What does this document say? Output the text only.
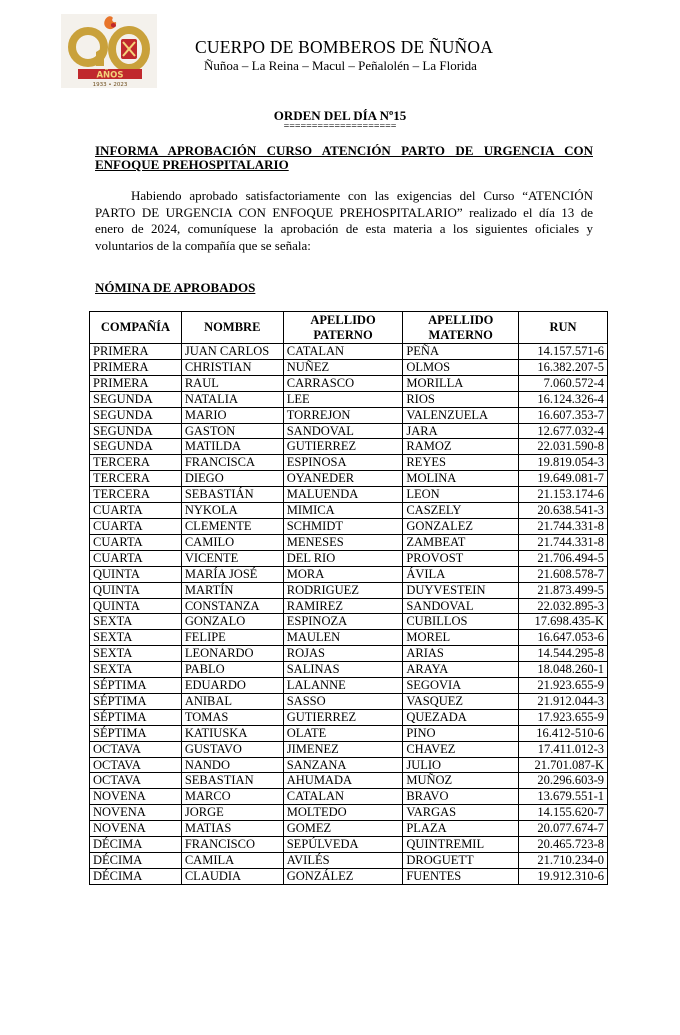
AÑOS
1933 • 2023
CUERPO DE BOMBEROS DE ÑUÑOA
Ñuñoa – La Reina – Macul – Peñalolén – La Florida
ORDEN DEL DÍA Nº15
====================
INFORMA APROBACIÓN CURSO ATENCIÓN PARTO DE URGENCIA CON ENFOQUE PREHOSPITALARIO
Habiendo aprobado satisfactoriamente con las exigencias del Curso “ATENCIÓN PARTO DE URGENCIA CON ENFOQUE PREHOSPITALARIO” realizado el día 13 de enero de 2024, comuníquese la aprobación de esta materia a los siguientes oficiales y voluntarios de la compañía que se señala:
NÓMINA DE APROBADOS
COMPAÑÍA	NOMBRE	APELLIDO PATERNO	APELLIDO MATERNO	RUN
PRIMERA	JUAN CARLOS	CATALAN	PEÑA	14.157.571-6
PRIMERA	CHRISTIAN	NUÑEZ	OLMOS	16.382.207-5
PRIMERA	RAUL	CARRASCO	MORILLA	7.060.572-4
SEGUNDA	NATALIA	LEE	RIOS	16.124.326-4
SEGUNDA	MARIO	TORREJON	VALENZUELA	16.607.353-7
SEGUNDA	GASTON	SANDOVAL	JARA	12.677.032-4
SEGUNDA	MATILDA	GUTIERREZ	RAMOZ	22.031.590-8
TERCERA	FRANCISCA	ESPINOSA	REYES	19.819.054-3
TERCERA	DIEGO	OYANEDER	MOLINA	19.649.081-7
TERCERA	SEBASTIÁN	MALUENDA	LEON	21.153.174-6
CUARTA	NYKOLA	MIMICA	CASZELY	20.638.541-3
CUARTA	CLEMENTE	SCHMIDT	GONZALEZ	21.744.331-8
CUARTA	CAMILO	MENESES	ZAMBEAT	21.744.331-8
CUARTA	VICENTE	DEL RIO	PROVOST	21.706.494-5
QUINTA	MARÍA JOSÉ	MORA	ÁVILA	21.608.578-7
QUINTA	MARTÍN	RODRIGUEZ	DUYVESTEIN	21.873.499-5
QUINTA	CONSTANZA	RAMIREZ	SANDOVAL	22.032.895-3
SEXTA	GONZALO	ESPINOZA	CUBILLOS	17.698.435-K
SEXTA	FELIPE	MAULEN	MOREL	16.647.053-6
SEXTA	LEONARDO	ROJAS	ARIAS	14.544.295-8
SEXTA	PABLO	SALINAS	ARAYA	18.048.260-1
SÉPTIMA	EDUARDO	LALANNE	SEGOVIA	21.923.655-9
SÉPTIMA	ANIBAL	SASSO	VASQUEZ	21.912.044-3
SÉPTIMA	TOMAS	GUTIERREZ	QUEZADA	17.923.655-9
SÉPTIMA	KATIUSKA	OLATE	PINO	16.412-510-6
OCTAVA	GUSTAVO	JIMENEZ	CHAVEZ	17.411.012-3
OCTAVA	NANDO	SANZANA	JULIO	21.701.087-K
OCTAVA	SEBASTIAN	AHUMADA	MUÑOZ	20.296.603-9
NOVENA	MARCO	CATALAN	BRAVO	13.679.551-1
NOVENA	JORGE	MOLTEDO	VARGAS	14.155.620-7
NOVENA	MATIAS	GOMEZ	PLAZA	20.077.674-7
DÉCIMA	FRANCISCO	SEPÚLVEDA	QUINTREMIL	20.465.723-8
DÉCIMA	CAMILA	AVILÉS	DROGUETT	21.710.234-0
DÉCIMA	CLAUDIA	GONZÁLEZ	FUENTES	19.912.310-6
